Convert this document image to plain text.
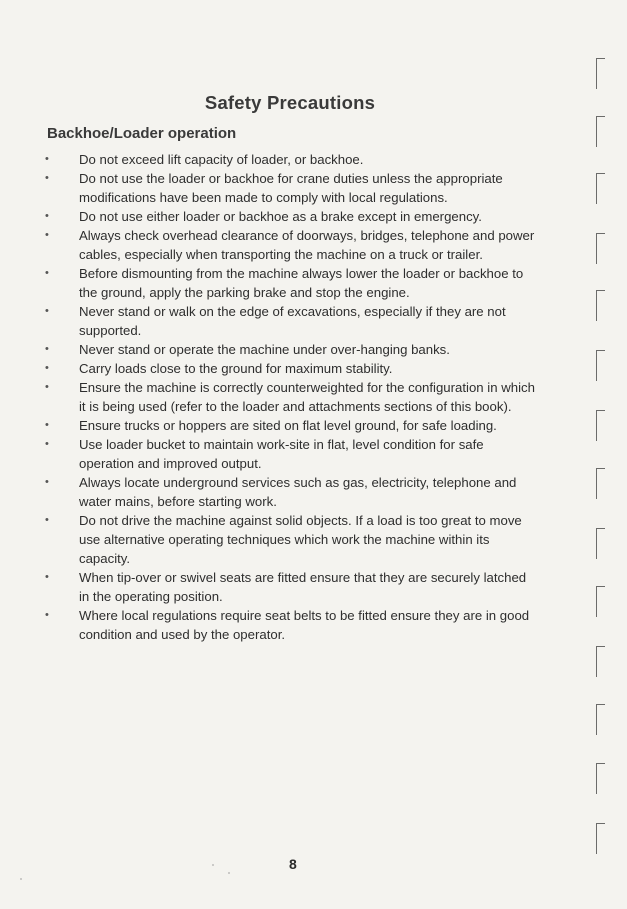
Safety Precautions
Backhoe/Loader operation
• Do not exceed lift capacity of loader, or backhoe.
• Do not use the loader or backhoe for crane duties unless the appropriate modifications have been made to comply with local regulations.
• Do not use either loader or backhoe as a brake except in emergency.
• Always check overhead clearance of doorways, bridges, telephone and power cables, especially when transporting the machine on a truck or trailer.
• Before dismounting from the machine always lower the loader or backhoe to the ground, apply the parking brake and stop the engine.
• Never stand or walk on the edge of excavations, especially if they are not supported.
• Never stand or operate the machine under over-hanging banks.
• Carry loads close to the ground for maximum stability.
• Ensure the machine is correctly counterweighted for the configuration in which it is being used (refer to the loader and attachments sections of this book).
• Ensure trucks or hoppers are sited on flat level ground, for safe loading.
• Use loader bucket to maintain work-site in flat, level condition for safe operation and improved output.
• Always locate underground services such as gas, electricity, telephone and water mains, before starting work.
• Do not drive the machine against solid objects. If a load is too great to move use alternative operating techniques which work the machine within its capacity.
• When tip-over or swivel seats are fitted ensure that they are securely latched in the operating position.
• Where local regulations require seat belts to be fitted ensure they are in good condition and used by the operator.
8
